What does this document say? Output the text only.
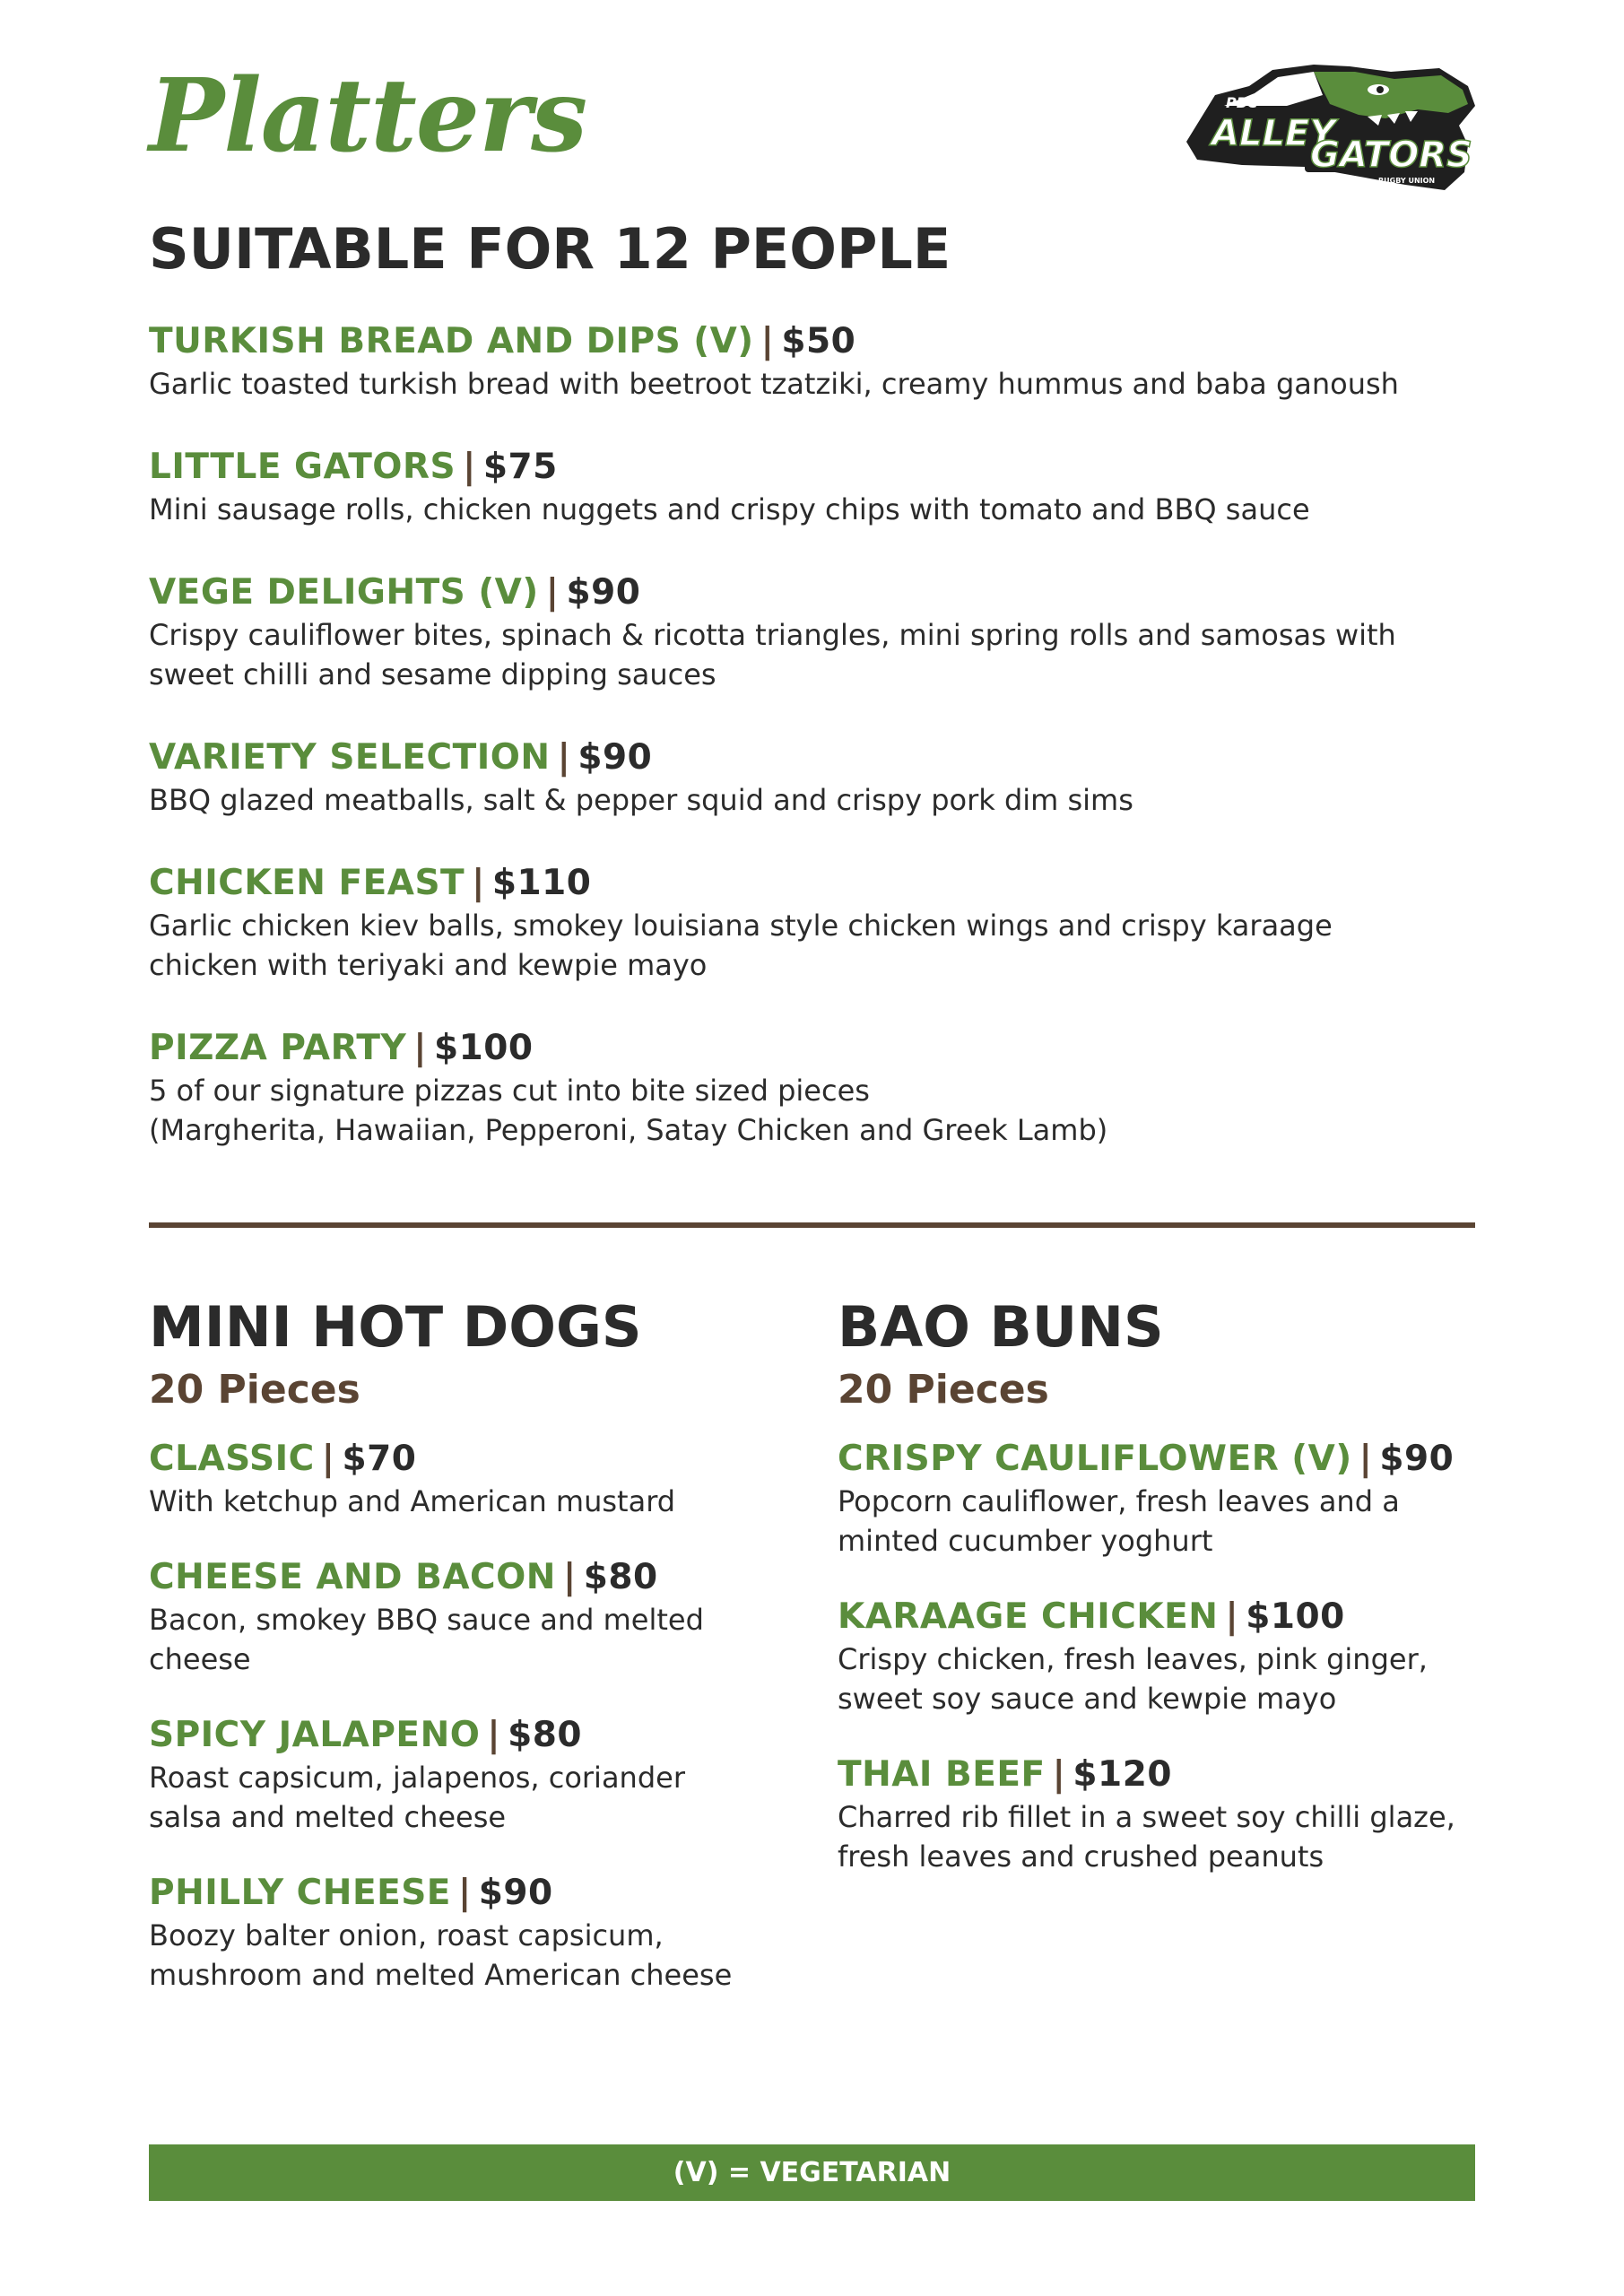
Platters	PBC
ALLEY
GATORS
RUGBY UNION
SUITABLE FOR 12 PEOPLE
TURKISH BREAD AND DIPS (V) | $50
Garlic toasted turkish bread with beetroot tzatziki, creamy hummus and baba ganoush
LITTLE GATORS | $75
Mini sausage rolls, chicken nuggets and crispy chips with tomato and BBQ sauce
VEGE DELIGHTS (V) | $90
Crispy cauliflower bites, spinach & ricotta triangles, mini spring rolls and samosas with
sweet chilli and sesame dipping sauces
VARIETY SELECTION | $90
BBQ glazed meatballs, salt & pepper squid and crispy pork dim sims
CHICKEN FEAST | $110
Garlic chicken kiev balls, smokey louisiana style chicken wings and crispy karaage
chicken with teriyaki and kewpie mayo
PIZZA PARTY | $100
5 of our signature pizzas cut into bite sized pieces
(Margherita, Hawaiian, Pepperoni, Satay Chicken and Greek Lamb)
MINI HOT DOGS

20 Pieces

CLASSIC | $70
With ketchup and American mustard
CHEESE AND BACON | $80
Bacon, smokey BBQ sauce and melted
cheese
SPICY JALAPENO | $80
Roast capsicum, jalapenos, coriander
salsa and melted cheese
PHILLY CHEESE | $90
Boozy balter onion, roast capsicum,
mushroom and melted American cheese
BAO BUNS

20 Pieces

CRISPY CAULIFLOWER (V) | $90
Popcorn cauliflower, fresh leaves and a
minted cucumber yoghurt
KARAAGE CHICKEN | $100
Crispy chicken, fresh leaves, pink ginger,
sweet soy sauce and kewpie mayo
THAI BEEF | $120
Charred rib fillet in a sweet soy chilli glaze,
fresh leaves and crushed peanuts
(V) = VEGETARIAN
